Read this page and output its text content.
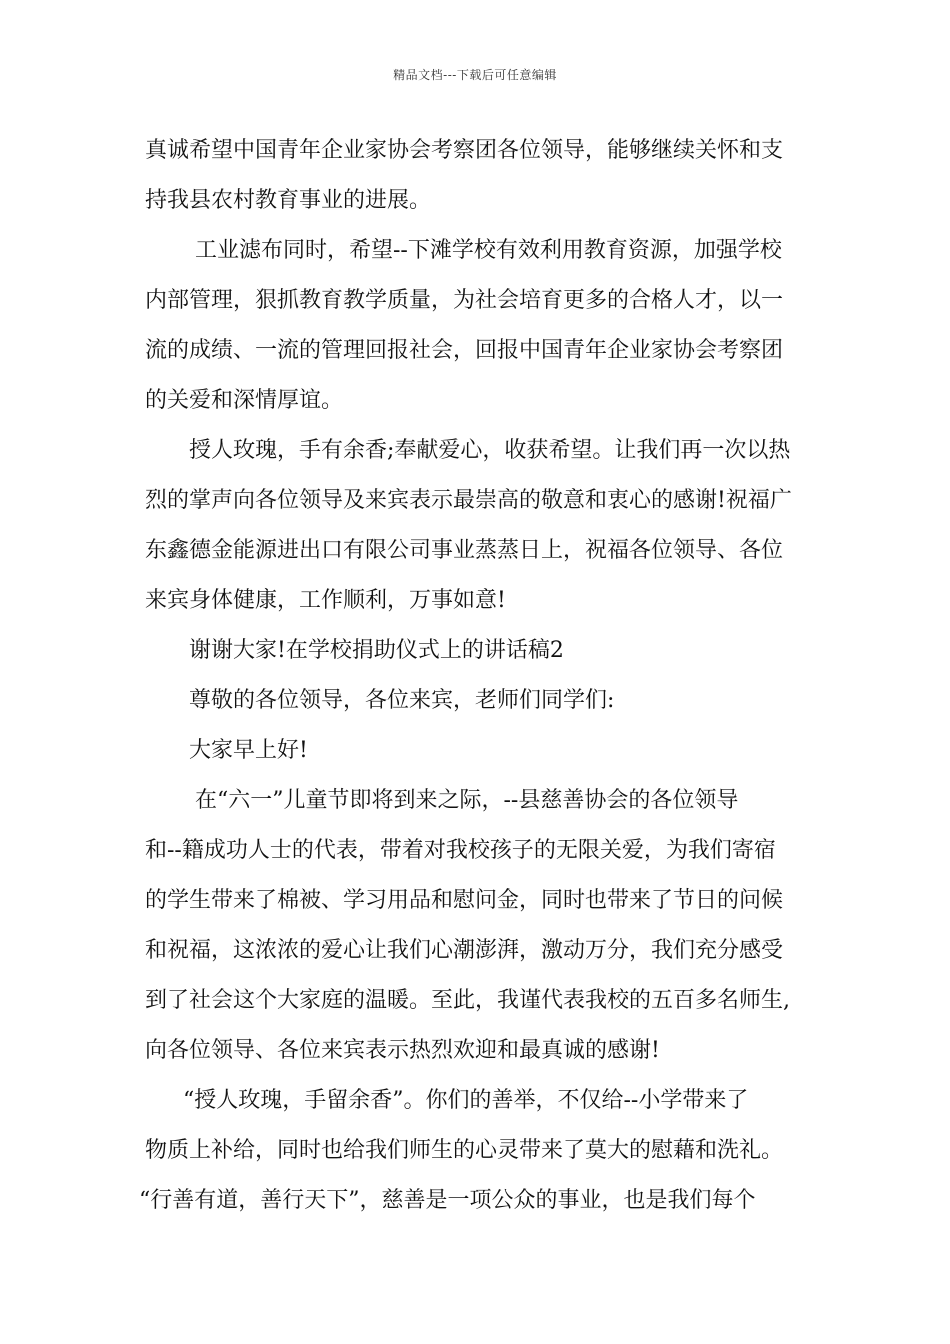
精品文档---下载后可任意编辑
真诚希望中国青年企业家协会考察团各位领导，能够继续关怀和支
持我县农村教育事业的进展。
工业滤布同时，希望--下滩学校有效利用教育资源，加强学校
内部管理，狠抓教育教学质量，为社会培育更多的合格人才，以一
流的成绩、一流的管理回报社会，回报中国青年企业家协会考察团
的关爱和深情厚谊。
授人玫瑰，手有余香;奉献爱心，收获希望。让我们再一次以热
烈的掌声向各位领导及来宾表示最崇高的敬意和衷心的感谢!祝福广
东鑫德金能源进出口有限公司事业蒸蒸日上，祝福各位领导、各位
来宾身体健康，工作顺利，万事如意!
谢谢大家!在学校捐助仪式上的讲话稿2
尊敬的各位领导，各位来宾，老师们同学们:
大家早上好!
在“六一”儿童节即将到来之际，--县慈善协会的各位领导
和--籍成功人士的代表，带着对我校孩子的无限关爱，为我们寄宿
的学生带来了棉被、学习用品和慰问金，同时也带来了节日的问候
和祝福，这浓浓的爱心让我们心潮澎湃，激动万分，我们充分感受
到了社会这个大家庭的温暖。至此，我谨代表我校的五百多名师生,
向各位领导、各位来宾表示热烈欢迎和最真诚的感谢!
“授人玫瑰，手留余香”。你们的善举，不仅给--小学带来了
物质上补给，同时也给我们师生的心灵带来了莫大的慰藉和洗礼。
“行善有道，善行天下”，慈善是一项公众的事业，也是我们每个
